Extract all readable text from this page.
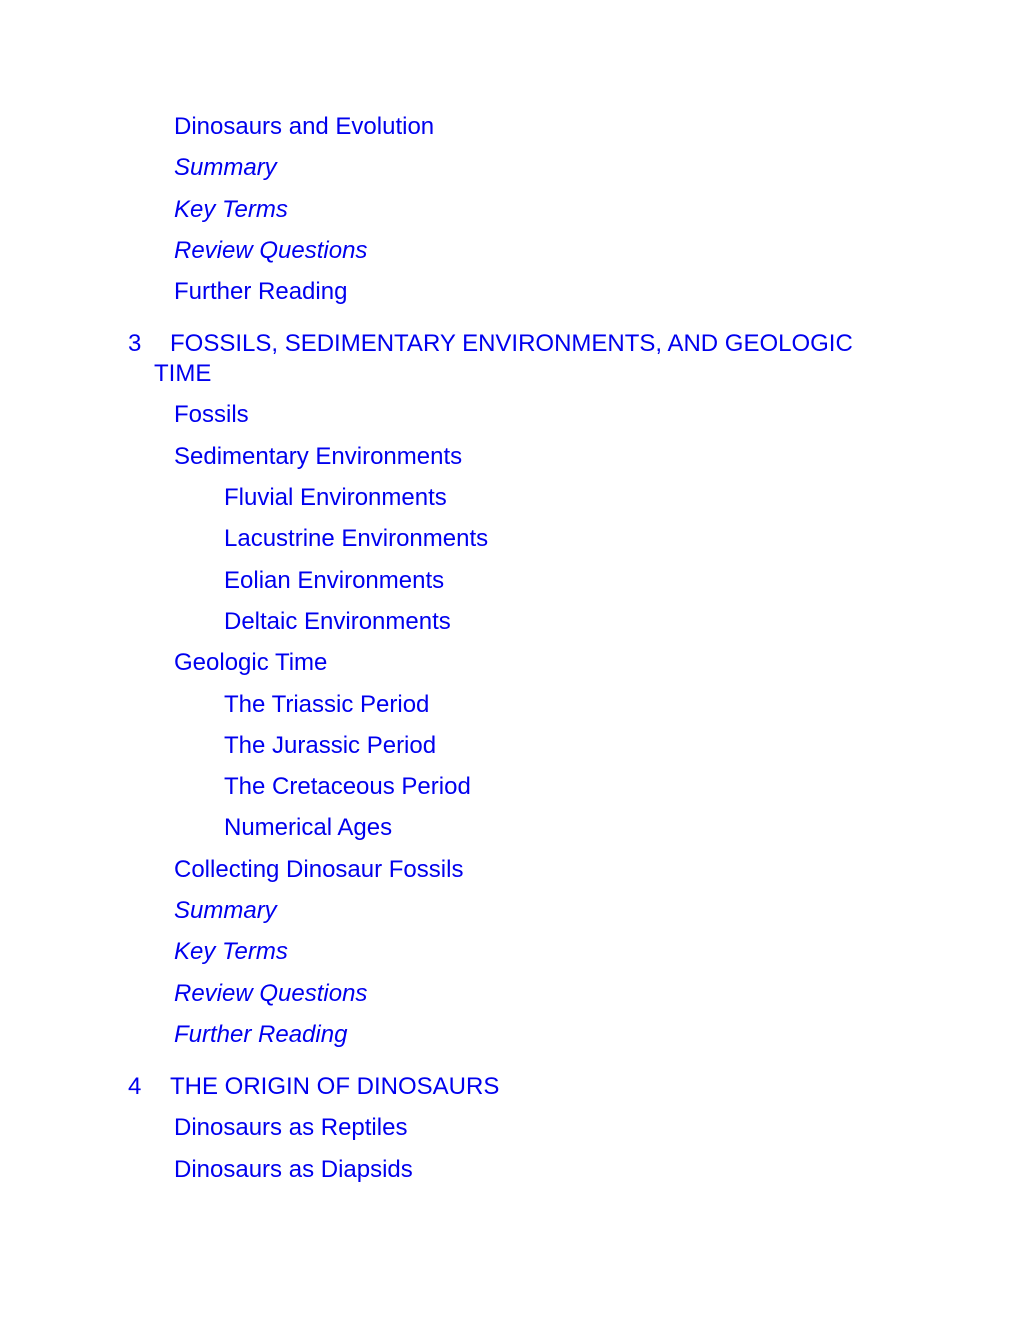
Dinosaurs and Evolution
Summary
Key Terms
Review Questions
Further Reading
3 FOSSILS, SEDIMENTARY ENVIRONMENTS, AND GEOLOGIC TIME
Fossils
Sedimentary Environments
Fluvial Environments
Lacustrine Environments
Eolian Environments
Deltaic Environments
Geologic Time
The Triassic Period
The Jurassic Period
The Cretaceous Period
Numerical Ages
Collecting Dinosaur Fossils
Summary
Key Terms
Review Questions
Further Reading
4 THE ORIGIN OF DINOSAURS
Dinosaurs as Reptiles
Dinosaurs as Diapsids
